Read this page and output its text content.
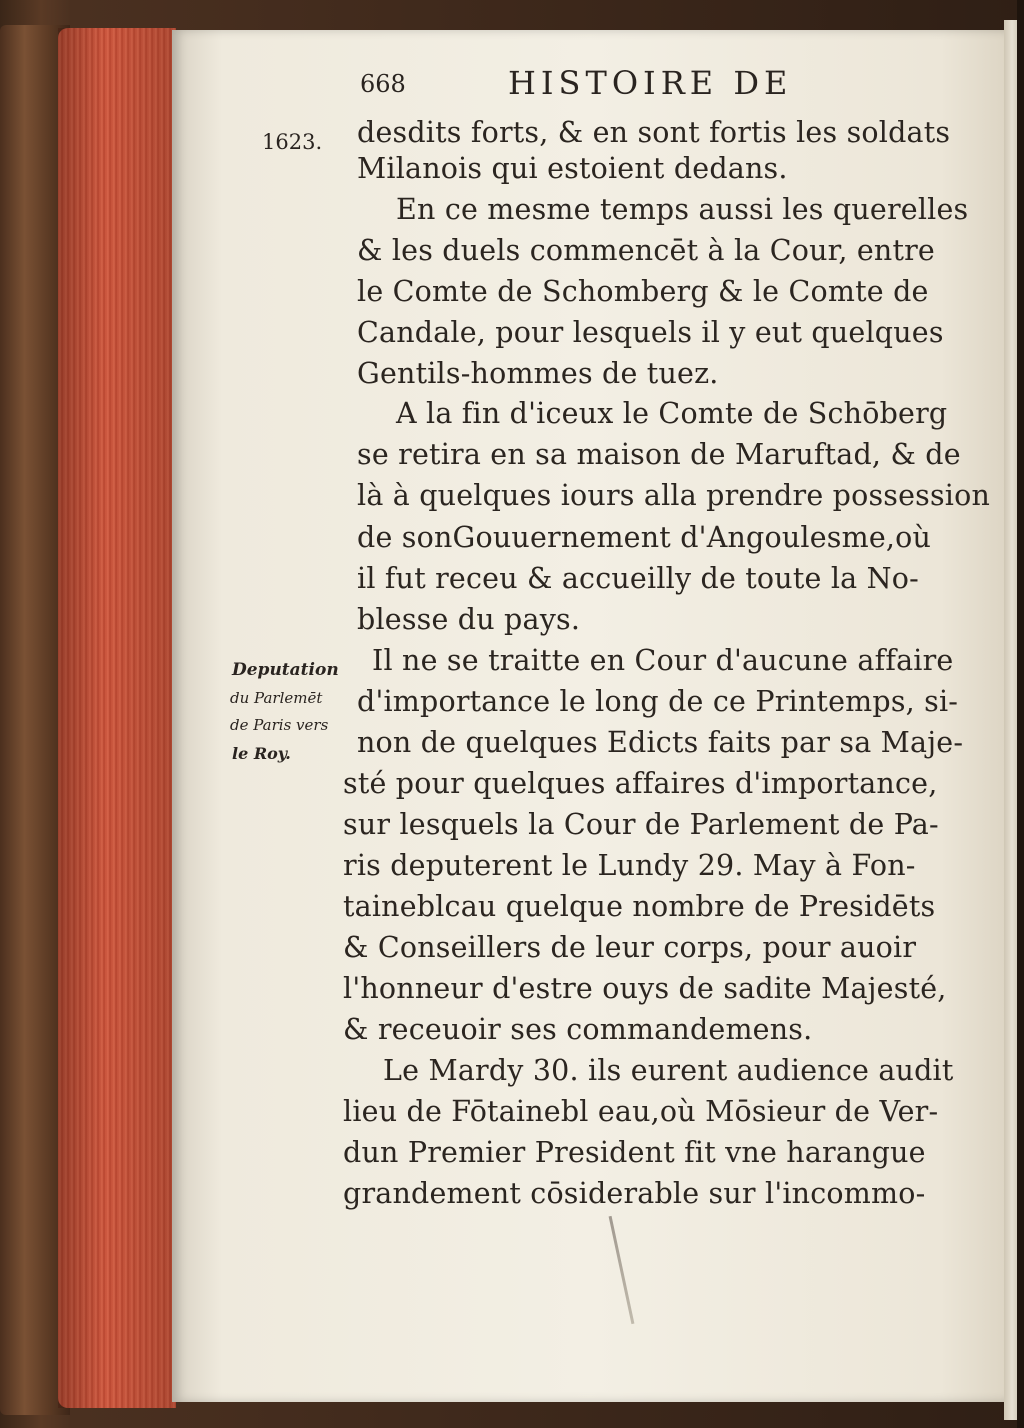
668	HISTOIRE DE
1623.
Deputation
du Parlemēt
de Paris vers
le Roy.
desdits forts, & en sont fortis les soldats
Milanois qui estoient dedans.
En ce mesme temps aussi les querelles
& les duels commencēt à la Cour, entre
le Comte de Schomberg & le Comte de
Candale, pour lesquels il y eut quelques
Gentils-hommes de tuez.
A la fin d'iceux le Comte de Schōberg
se retira en sa maison de Maruftad, & de
là à quelques iours alla prendre possession
de sonGouuernement d'Angoulesme,où
il fut receu & accueilly de toute la No-
blesse du pays.
Il ne se traitte en Cour d'aucune affaire
d'importance le long de ce Printemps, si-
non de quelques Edicts faits par sa Maje-
sté pour quelques affaires d'importance,
sur lesquels la Cour de Parlement de Pa-
ris deputerent le Lundy 29. May à Fon-
taineblcau quelque nombre de Presidēts
& Conseillers de leur corps, pour auoir
l'honneur d'estre ouys de sadite Majesté,
& receuoir ses commandemens.
Le Mardy 30. ils eurent audience audit
lieu de Fōtainebl eau,où Mōsieur de Ver-
dun Premier President fit vne harangue
grandement cōsiderable sur l'incommo-
